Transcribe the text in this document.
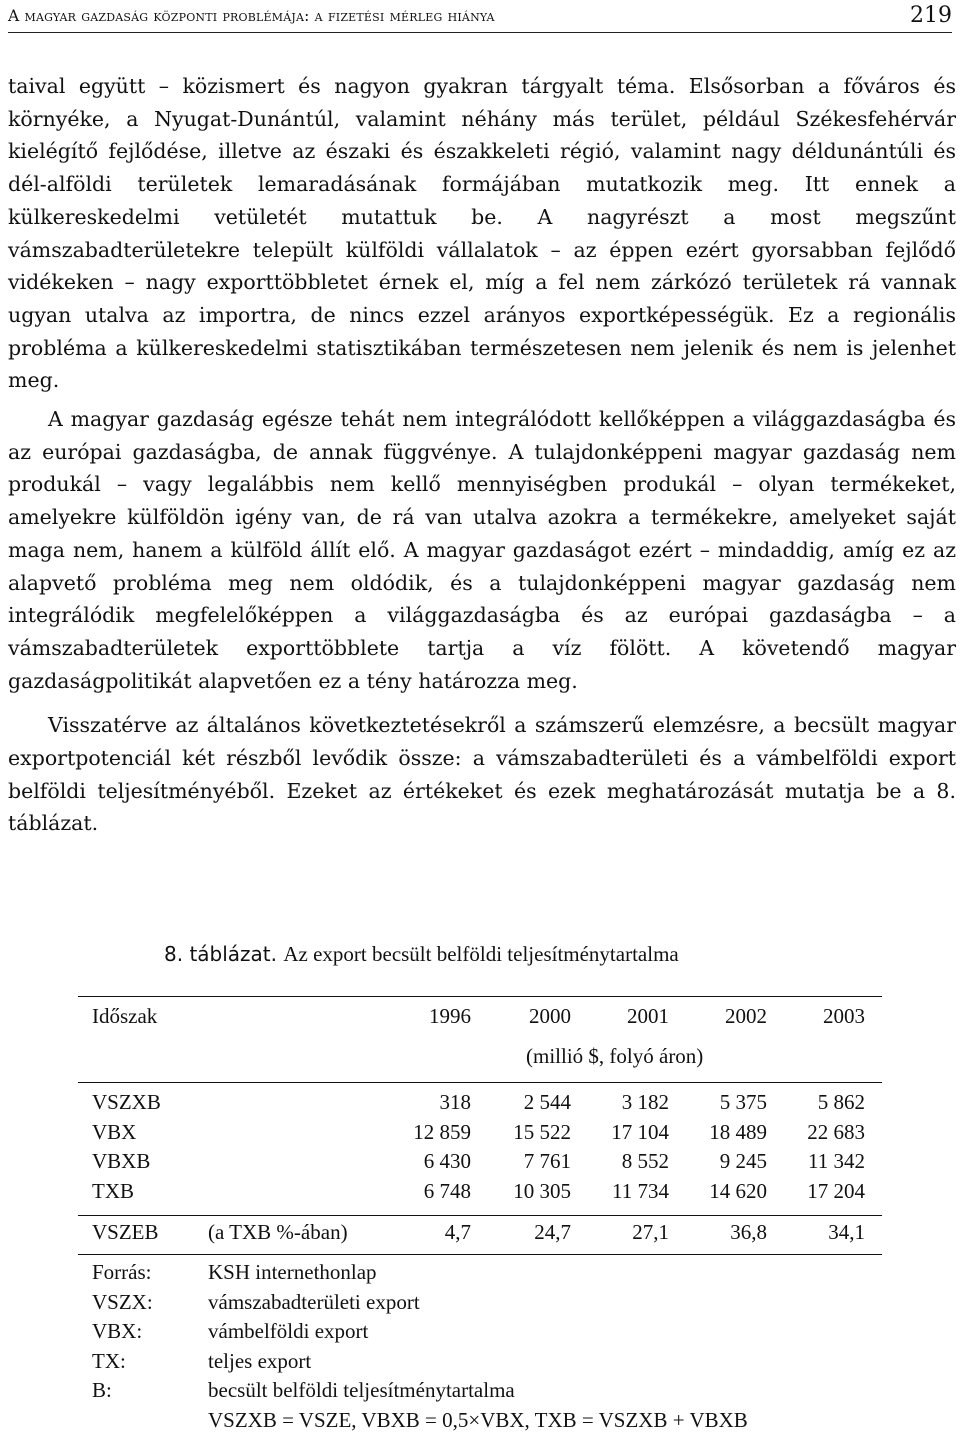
A magyar gazdaság központi problémája: a fizetési mérleg hiánya	219

taival együtt – közismert és nagyon gyakran tárgyalt téma. Elsősorban a főváros és környéke, a Nyugat-Dunántúl, valamint néhány más terület, például Székesfehérvár kielégítő fejlődése, illetve az északi és északkeleti régió, valamint nagy déldunántúli és dél-alföldi területek lemaradásának formájában mutatkozik meg. Itt ennek a külkereskedelmi vetületét mutattuk be. A nagyrészt a most megszűnt vámszabadterületekre települt külföldi vállalatok – az éppen ezért gyorsabban fejlődő vidékeken – nagy exporttöbbletet érnek el, míg a fel nem zárkózó területek rá vannak ugyan utalva az importra, de nincs ezzel arányos exportképességük. Ez a regionális probléma a külkereskedelmi statisztikában természetesen nem jelenik és nem is jelenhet meg.

A magyar gazdaság egésze tehát nem integrálódott kellőképpen a világgazdaságba és az európai gazdaságba, de annak függvénye. A tulajdonképpeni magyar gazdaság nem produkál – vagy legalábbis nem kellő mennyiségben produkál – olyan termékeket, amelyekre külföldön igény van, de rá van utalva azokra a termékekre, amelyeket saját maga nem, hanem a külföld állít elő. A magyar gazdaságot ezért – mindaddig, amíg ez az alapvető probléma meg nem oldódik, és a tulajdonképpeni magyar gazdaság nem integrálódik megfelelőképpen a világgazdaságba és az európai gazdaságba – a vámszabadterületek exporttöbblete tartja a víz fölött. A követendő magyar gazdaságpolitikát alapvetően ez a tény határozza meg.

Visszatérve az általános következtetésekről a számszerű elemzésre, a becsült magyar exportpotenciál két részből levődik össze: a vámszabadterületi és a vámbelföldi export belföldi teljesítményéből. Ezeket az értékeket és ezek meghatározását mutatja be a 8. táblázat.

8. táblázat. Az export becsült belföldi teljesítménytartalma
Időszak	1996	2000	2001	2002	2003
(millió $, folyó áron)
VSZXB	318	2 544	3 182	5 375	5 862
VBX	12 859	15 522	17 104	18 489	22 683
VBXB	6 430	7 761	8 552	9 245	11 342
TXB	6 748	10 305	11 734	14 620	17 204
VSZEB (a TXB %-ában)	4,7	24,7	27,1	36,8	34,1
Forrás:	KSH internethonlap
VSZX:	vámszabadterületi export
VBX:	vámbelföldi export
TX:	teljes export
B:	becsült belföldi teljesítménytartalma
VSZXB = VSZE, VBXB = 0,5×VBX, TXB = VSZXB + VBXB
